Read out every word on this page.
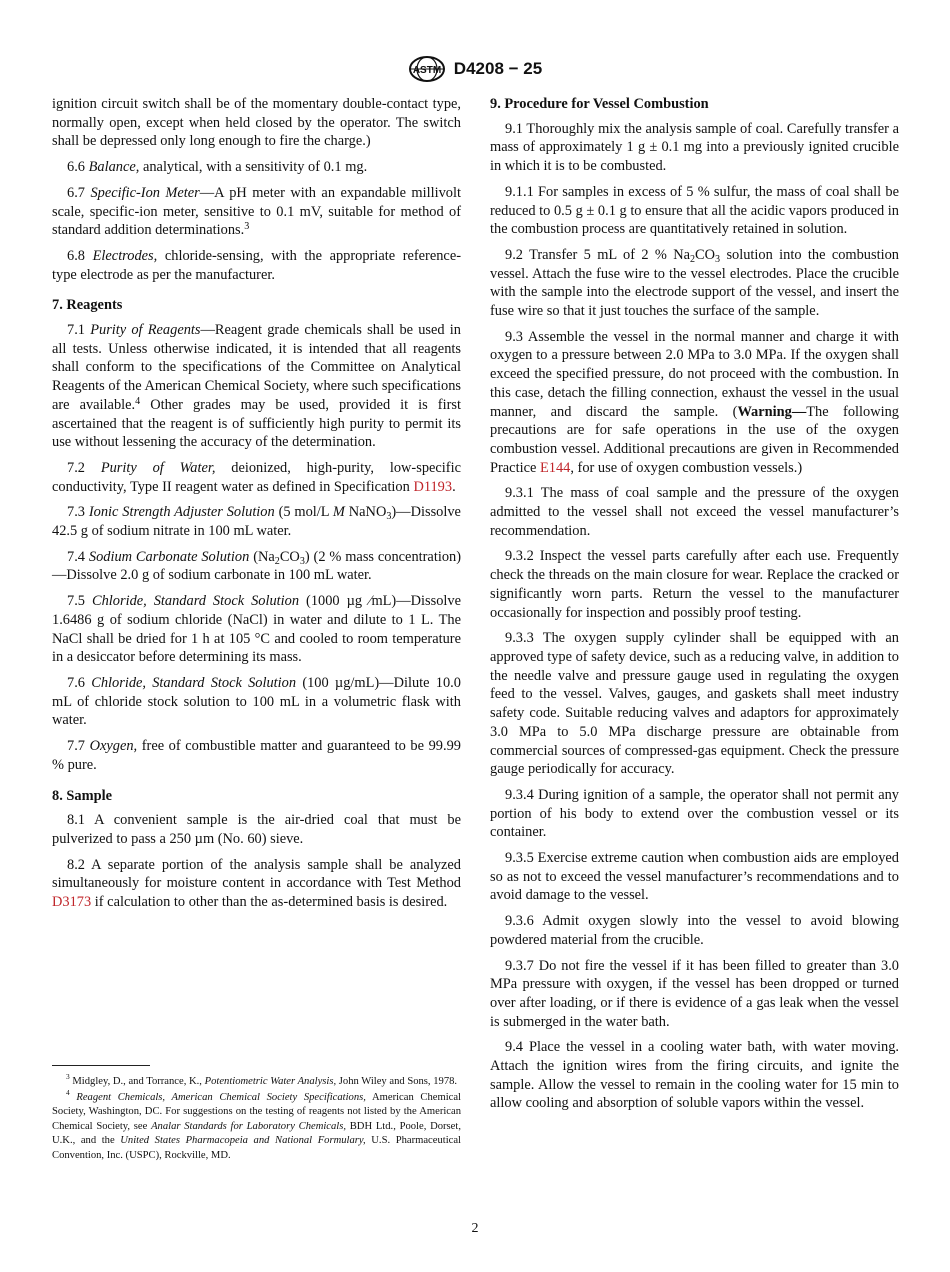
ASTM D4208 − 25

ignition circuit switch shall be of the momentary double-contact type, normally open, except when held closed by the operator. The switch shall be depressed only long enough to fire the charge.)

6.6 Balance, analytical, with a sensitivity of 0.1 mg.

6.7 Specific-Ion Meter—A pH meter with an expandable millivolt scale, specific-ion meter, sensitive to 0.1 mV, suitable for method of standard addition determinations.$^3$

6.8 Electrodes, chloride-sensing, with the appropriate reference-type electrode as per the manufacturer.

7. Reagents

7.1 Purity of Reagents—Reagent grade chemicals shall be used in all tests. Unless otherwise indicated, it is intended that all reagents shall conform to the specifications of the Committee on Analytical Reagents of the American Chemical Society, where such specifications are available.$^4$ Other grades may be used, provided it is first ascertained that the reagent is of sufficiently high purity to permit its use without lessening the accuracy of the determination.

7.2 Purity of Water, deionized, high-purity, low-specific conductivity, Type II reagent water as defined in Specification D1193.

7.3 Ionic Strength Adjuster Solution (5 mol/L M NaNO$_3$)—Dissolve 42.5 g of sodium nitrate in 100 mL water.

7.4 Sodium Carbonate Solution $(Na_2CO_3)$ (2 % mass concentration)—Dissolve 2.0 g of sodium carbonate in 100 mL water.

7.5 Chloride, Standard Stock Solution (1000 µg ⁄mL)—Dissolve 1.6486 g of sodium chloride (NaCl) in water and dilute to 1 L. The NaCl shall be dried for 1 h at 105 °C and cooled to room temperature in a desiccator before determining its mass.

7.6 Chloride, Standard Stock Solution (100 µg/mL)—Dilute 10.0 mL of chloride stock solution to 100 mL in a volumetric flask with water.

7.7 Oxygen, free of combustible matter and guaranteed to be 99.99 % pure.

8. Sample

8.1 A convenient sample is the air-dried coal that must be pulverized to pass a 250 µm (No. 60) sieve.

8.2 A separate portion of the analysis sample shall be analyzed simultaneously for moisture content in accordance with Test Method D3173 if calculation to other than the as-determined basis is desired.

$^3$ Midgley, D., and Torrance, K., Potentiometric Water Analysis, John Wiley and Sons, 1978.

$^4$ Reagent Chemicals, American Chemical Society Specifications, American Chemical Society, Washington, DC. For suggestions on the testing of reagents not listed by the American Chemical Society, see Analar Standards for Laboratory Chemicals, BDH Ltd., Poole, Dorset, U.K., and the United States Pharmacopeia and National Formulary, U.S. Pharmaceutical Convention, Inc. (USPC), Rockville, MD.

9. Procedure for Vessel Combustion

9.1 Thoroughly mix the analysis sample of coal. Carefully transfer a mass of approximately 1 g ± 0.1 mg into a previously ignited crucible in which it is to be combusted.

9.1.1 For samples in excess of 5 % sulfur, the mass of coal shall be reduced to 0.5 g ± 0.1 g to ensure that all the acidic vapors produced in the combustion process are quantitatively retained in solution.

9.2 Transfer 5 mL of 2 % $Na_2CO_3$ solution into the combustion vessel. Attach the fuse wire to the vessel electrodes. Place the crucible with the sample into the electrode support of the vessel, and insert the fuse wire so that it just touches the surface of the sample.

9.3 Assemble the vessel in the normal manner and charge it with oxygen to a pressure between 2.0 MPa to 3.0 MPa. If the oxygen shall exceed the specified pressure, do not proceed with the combustion. In this case, detach the filling connection, exhaust the vessel in the usual manner, and discard the sample. (Warning—The following precautions are for safe operations in the use of the oxygen combustion vessel. Additional precautions are given in Recommended Practice E144, for use of oxygen combustion vessels.)

9.3.1 The mass of coal sample and the pressure of the oxygen admitted to the vessel shall not exceed the vessel manufacturer’s recommendation.

9.3.2 Inspect the vessel parts carefully after each use. Frequently check the threads on the main closure for wear. Replace the cracked or significantly worn parts. Return the vessel to the manufacturer occasionally for inspection and possibly proof testing.

9.3.3 The oxygen supply cylinder shall be equipped with an approved type of safety device, such as a reducing valve, in addition to the needle valve and pressure gauge used in regulating the oxygen feed to the vessel. Valves, gauges, and gaskets shall meet industry safety code. Suitable reducing valves and adaptors for approximately 3.0 MPa to 5.0 MPa discharge pressure are obtainable from commercial sources of compressed-gas equipment. Check the pressure gauge periodically for accuracy.

9.3.4 During ignition of a sample, the operator shall not permit any portion of his body to extend over the combustion vessel or its container.

9.3.5 Exercise extreme caution when combustion aids are employed so as not to exceed the vessel manufacturer’s recommendations and to avoid damage to the vessel.

9.3.6 Admit oxygen slowly into the vessel to avoid blowing powdered material from the crucible.

9.3.7 Do not fire the vessel if it has been filled to greater than 3.0 MPa pressure with oxygen, if the vessel has been dropped or turned over after loading, or if there is evidence of a gas leak when the vessel is submerged in the water bath.

9.4 Place the vessel in a cooling water bath, with water moving. Attach the ignition wires from the firing circuits, and ignite the sample. Allow the vessel to remain in the cooling water for 15 min to allow cooling and absorption of soluble vapors within the vessel.

2
